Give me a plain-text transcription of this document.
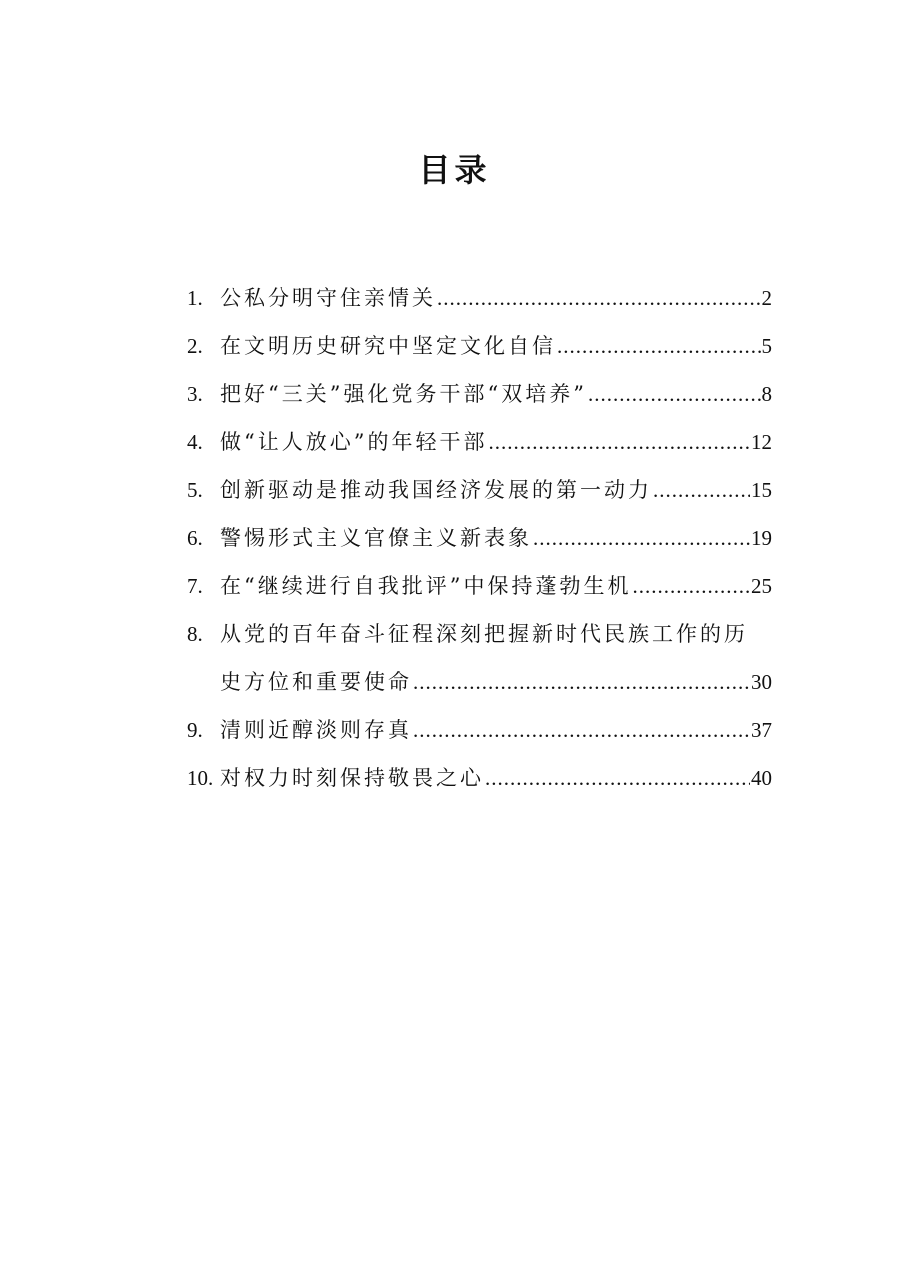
目录
1. 公私分明守住亲情关 .....	2
2. 在文明历史研究中坚定文化自信 .....	5
3. 把好“三关”强化党务干部“双培养” .....	8
4. 做“让人放心”的年轻干部 .....	12
5. 创新驱动是推动我国经济发展的第一动力 .....	15
6. 警惕形式主义官僚主义新表象 .....	19
7. 在“继续进行自我批评”中保持蓬勃生机 .....	25
8. 从党的百年奋斗征程深刻把握新时代民族工作的历
史方位和重要使命 .....	30
9. 清则近醇淡则存真 .....	37
10. 对权力时刻保持敬畏之心 .....	40
